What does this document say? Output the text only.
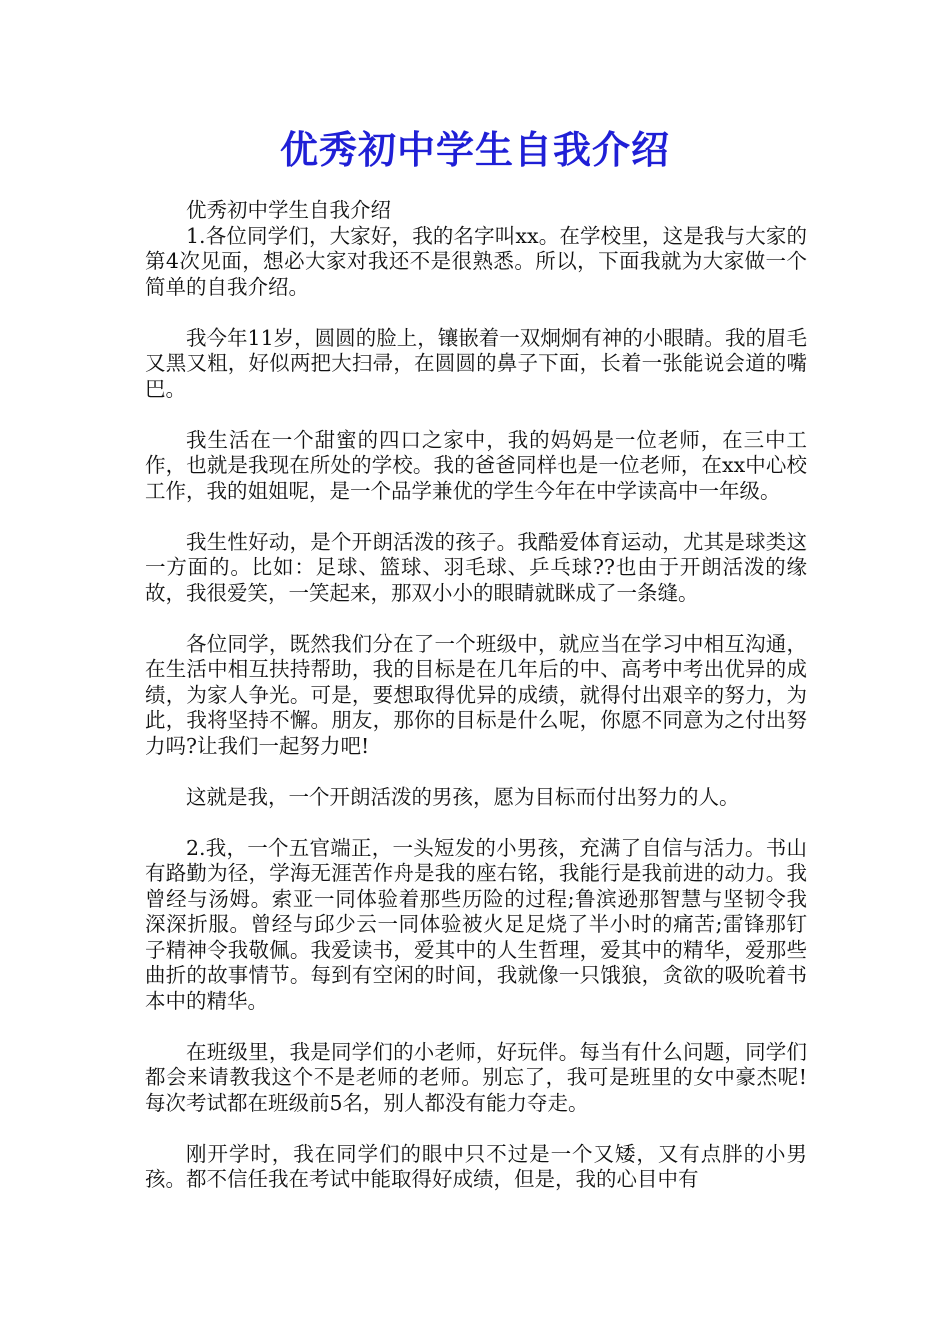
优秀初中学生自我介绍

优秀初中学生自我介绍

1.各位同学们，大家好，我的名字叫xx。在学校里，这是我与大家的第4次见面，想必大家对我还不是很熟悉。所以，下面我就为大家做一个简单的自我介绍。

我今年11岁，圆圆的脸上，镶嵌着一双炯炯有神的小眼睛。我的眉毛又黑又粗，好似两把大扫帚，在圆圆的鼻子下面，长着一张能说会道的嘴巴。

我生活在一个甜蜜的四口之家中，我的妈妈是一位老师，在三中工作，也就是我现在所处的学校。我的爸爸同样也是一位老师，在xx中心校工作，我的姐姐呢，是一个品学兼优的学生今年在中学读高中一年级。

我生性好动，是个开朗活泼的孩子。我酷爱体育运动，尤其是球类这一方面的。比如：足球、篮球、羽毛球、乒乓球??也由于开朗活泼的缘故，我很爱笑，一笑起来，那双小小的眼睛就眯成了一条缝。

各位同学，既然我们分在了一个班级中，就应当在学习中相互沟通，在生活中相互扶持帮助，我的目标是在几年后的中、高考中考出优异的成绩，为家人争光。可是，要想取得优异的成绩，就得付出艰辛的努力，为此，我将坚持不懈。朋友，那你的目标是什么呢，你愿不同意为之付出努力吗?让我们一起努力吧!

这就是我，一个开朗活泼的男孩，愿为目标而付出努力的人。

2.我，一个五官端正，一头短发的小男孩，充满了自信与活力。书山有路勤为径，学海无涯苦作舟是我的座右铭，我能行是我前进的动力。我曾经与汤姆。索亚一同体验着那些历险的过程;鲁滨逊那智慧与坚韧令我深深折服。曾经与邱少云一同体验被火足足烧了半小时的痛苦;雷锋那钉子精神令我敬佩。我爱读书，爱其中的人生哲理，爱其中的精华，爱那些曲折的故事情节。每到有空闲的时间，我就像一只饿狼，贪欲的吸吮着书本中的精华。

在班级里，我是同学们的小老师，好玩伴。每当有什么问题，同学们都会来请教我这个不是老师的老师。别忘了，我可是班里的女中豪杰呢!每次考试都在班级前5名，别人都没有能力夺走。

刚开学时，我在同学们的眼中只不过是一个又矮，又有点胖的小男孩。都不信任我在考试中能取得好成绩，但是，我的心目中有
